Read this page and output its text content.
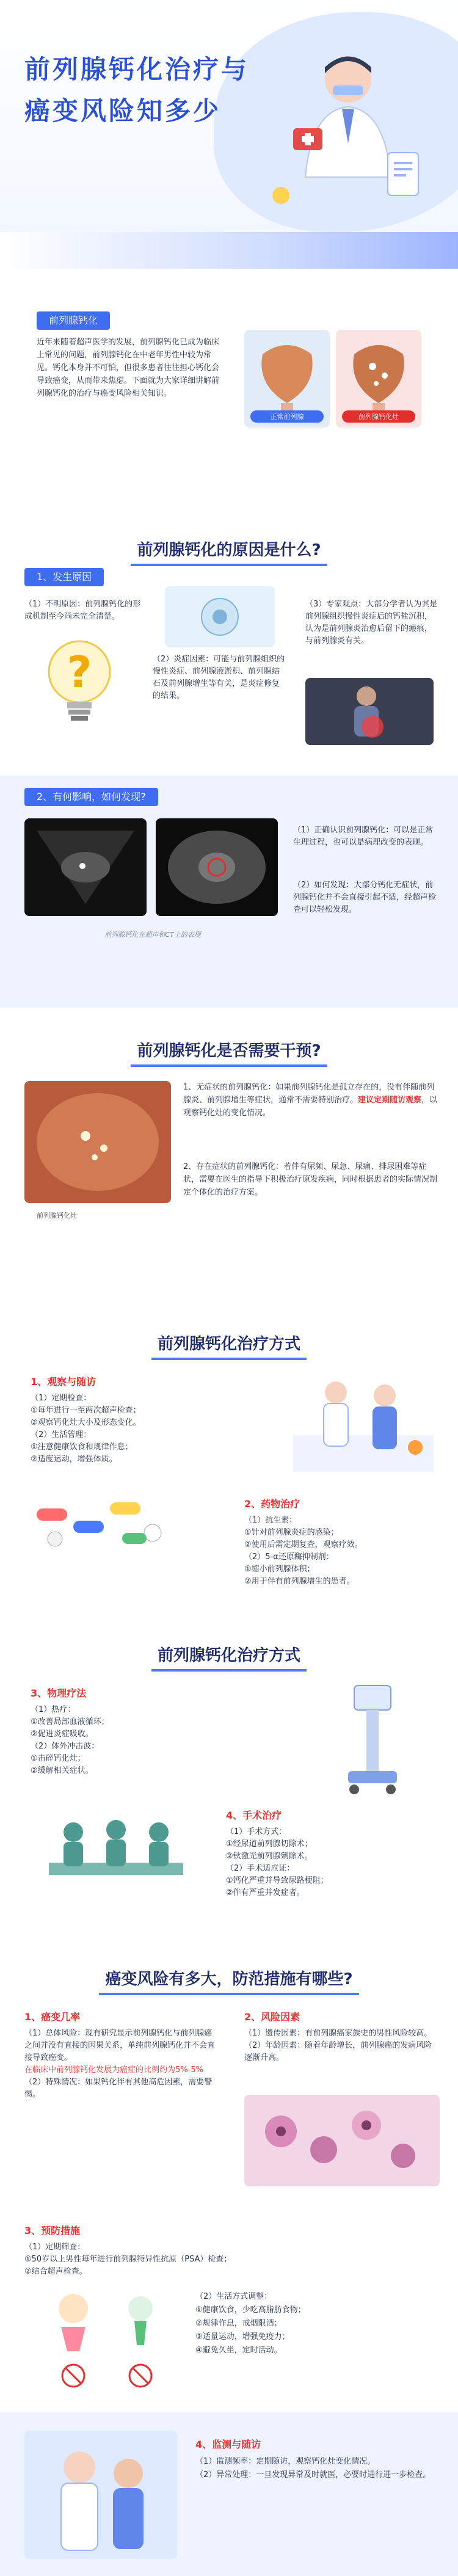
前列腺钙化治疗与
癌变风险知多少
前列腺钙化
近年来随着超声医学的发展，前列腺钙化已成为临床上常见的问题，前列腺钙化在中老年男性中较为常见。钙化本身并不可怕，但很多患者往往担心钙化会导致癌变，从而带来焦虑。下面就为大家详细讲解前列腺钙化的治疗与癌变风险相关知识。
正常前列腺	前列腺钙化灶
前列腺钙化的原因是什么?
1、发生原因
（1）不明原因：前列腺钙化的形成机制至今尚未完全清楚。
?	（2）炎症因素：可能与前列腺组织的慢性炎症、前列腺液淤积、前列腺结石及前列腺增生等有关，是炎症修复的结果。
（3）专家观点：大部分学者认为其是前列腺组织慢性炎症后的钙盐沉积，认为是前列腺炎治愈后留下的瘢痕，与前列腺炎有关。
2、有何影响，如何发现?
前列腺钙化在超声和CT上的表现
（1）正确认识前列腺钙化：可以是正常生理过程，也可以是病理改变的表现。
（2）如何发现：大部分钙化无症状，前列腺钙化并不会直接引起不适，经超声检查可以轻松发现。
前列腺钙化是否需要干预?
前列腺钙化灶
1、无症状的前列腺钙化：如果前列腺钙化是孤立存在的，没有伴随前列腺炎、前列腺增生等症状，通常不需要特别治疗。建议定期随访观察，以观察钙化灶的变化情况。
2、存在症状的前列腺钙化：若伴有尿频、尿急、尿痛、排尿困难等症状，需要在医生的指导下积极治疗原发疾病，同时根据患者的实际情况制定个体化的治疗方案。
前列腺钙化治疗方式
1、观察与随访
（1）定期检查：
①每年进行一至两次超声检查；
②观察钙化灶大小及形态变化。
（2）生活管理：
①注意健康饮食和规律作息；
②适度运动，增强体质。
2、药物治疗
（1）抗生素：
①针对前列腺炎症的感染；
②使用后需定期复查，观察疗效。
（2）5-α还原酶抑制剂：
①缩小前列腺体积；
②用于伴有前列腺增生的患者。
前列腺钙化治疗方式
3、物理疗法
（1）热疗：
①改善局部血液循环；
②促进炎症吸收。
（2）体外冲击波：
①击碎钙化灶；
②缓解相关症状。
4、手术治疗
（1）手术方式：
①经尿道前列腺切除术；
②钬激光前列腺剜除术。
（2）手术适应证：
①钙化严重并导致尿路梗阻；
②伴有严重并发症者。
癌变风险有多大，防范措施有哪些?
1、癌变几率
（1）总体风险：现有研究显示前列腺钙化与前列腺癌之间并没有直接的因果关系，单纯前列腺钙化并不会直接导致癌变。
在临床中前列腺钙化发展为癌症的比例约为5%-5%
（2）特殊情况：如果钙化伴有其他高危因素，需要警惕。
2、风险因素
（1）遗传因素：有前列腺癌家族史的男性风险较高。
（2）年龄因素：随着年龄增长，前列腺癌的发病风险逐渐升高。
3、预防措施
（1）定期筛查：
①50岁以上男性每年进行前列腺特异性抗原（PSA）检查；
②结合超声检查。
（2）生活方式调整：
①健康饮食，少吃高脂肪食物；
②规律作息，戒烟限酒；
③适量运动，增强免疫力；
④避免久坐，定时活动。
4、监测与随访
（1）监测频率：定期随访，观察钙化灶变化情况。
（2）异常处理：一旦发现异常及时就医，必要时进行进一步检查。
